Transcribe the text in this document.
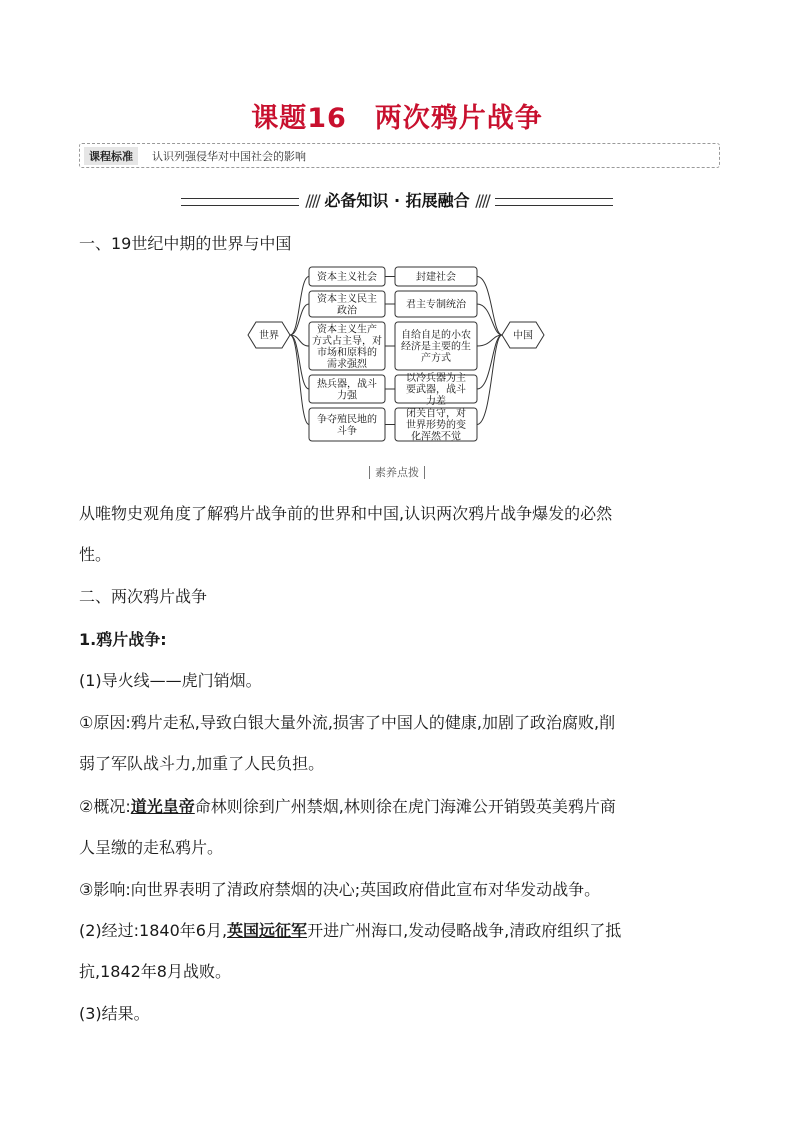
课题16　两次鸦片战争
课程标准	认识列强侵华对中国社会的影响
//// 必备知识 · 拓展融合 ////
一、19世纪中期的世界与中国
世界	中国
资本主义社会	封建社会
资本主义民主
政治
君主专制统治
资本主义生产
方式占主导，对
市场和原料的
需求强烈
自给自足的小农
经济是主要的生
产方式
热兵器，战斗
力强
以冷兵器为主
要武器，战斗
力差
争夺殖民地的
斗争
闭关自守，对
世界形势的变
化浑然不觉
素养点拨
从唯物史观角度了解鸦片战争前的世界和中国,认识两次鸦片战争爆发的必然
性。
二、两次鸦片战争
1.鸦片战争:
(1)导火线——虎门销烟。
①原因:鸦片走私,导致白银大量外流,损害了中国人的健康,加剧了政治腐败,削
弱了军队战斗力,加重了人民负担。
②概况:道光皇帝命林则徐到广州禁烟,林则徐在虎门海滩公开销毁英美鸦片商
人呈缴的走私鸦片。
③影响:向世界表明了清政府禁烟的决心;英国政府借此宣布对华发动战争。
(2)经过:1840年6月,英国远征军开进广州海口,发动侵略战争,清政府组织了抵
抗,1842年8月战败。
(3)结果。
